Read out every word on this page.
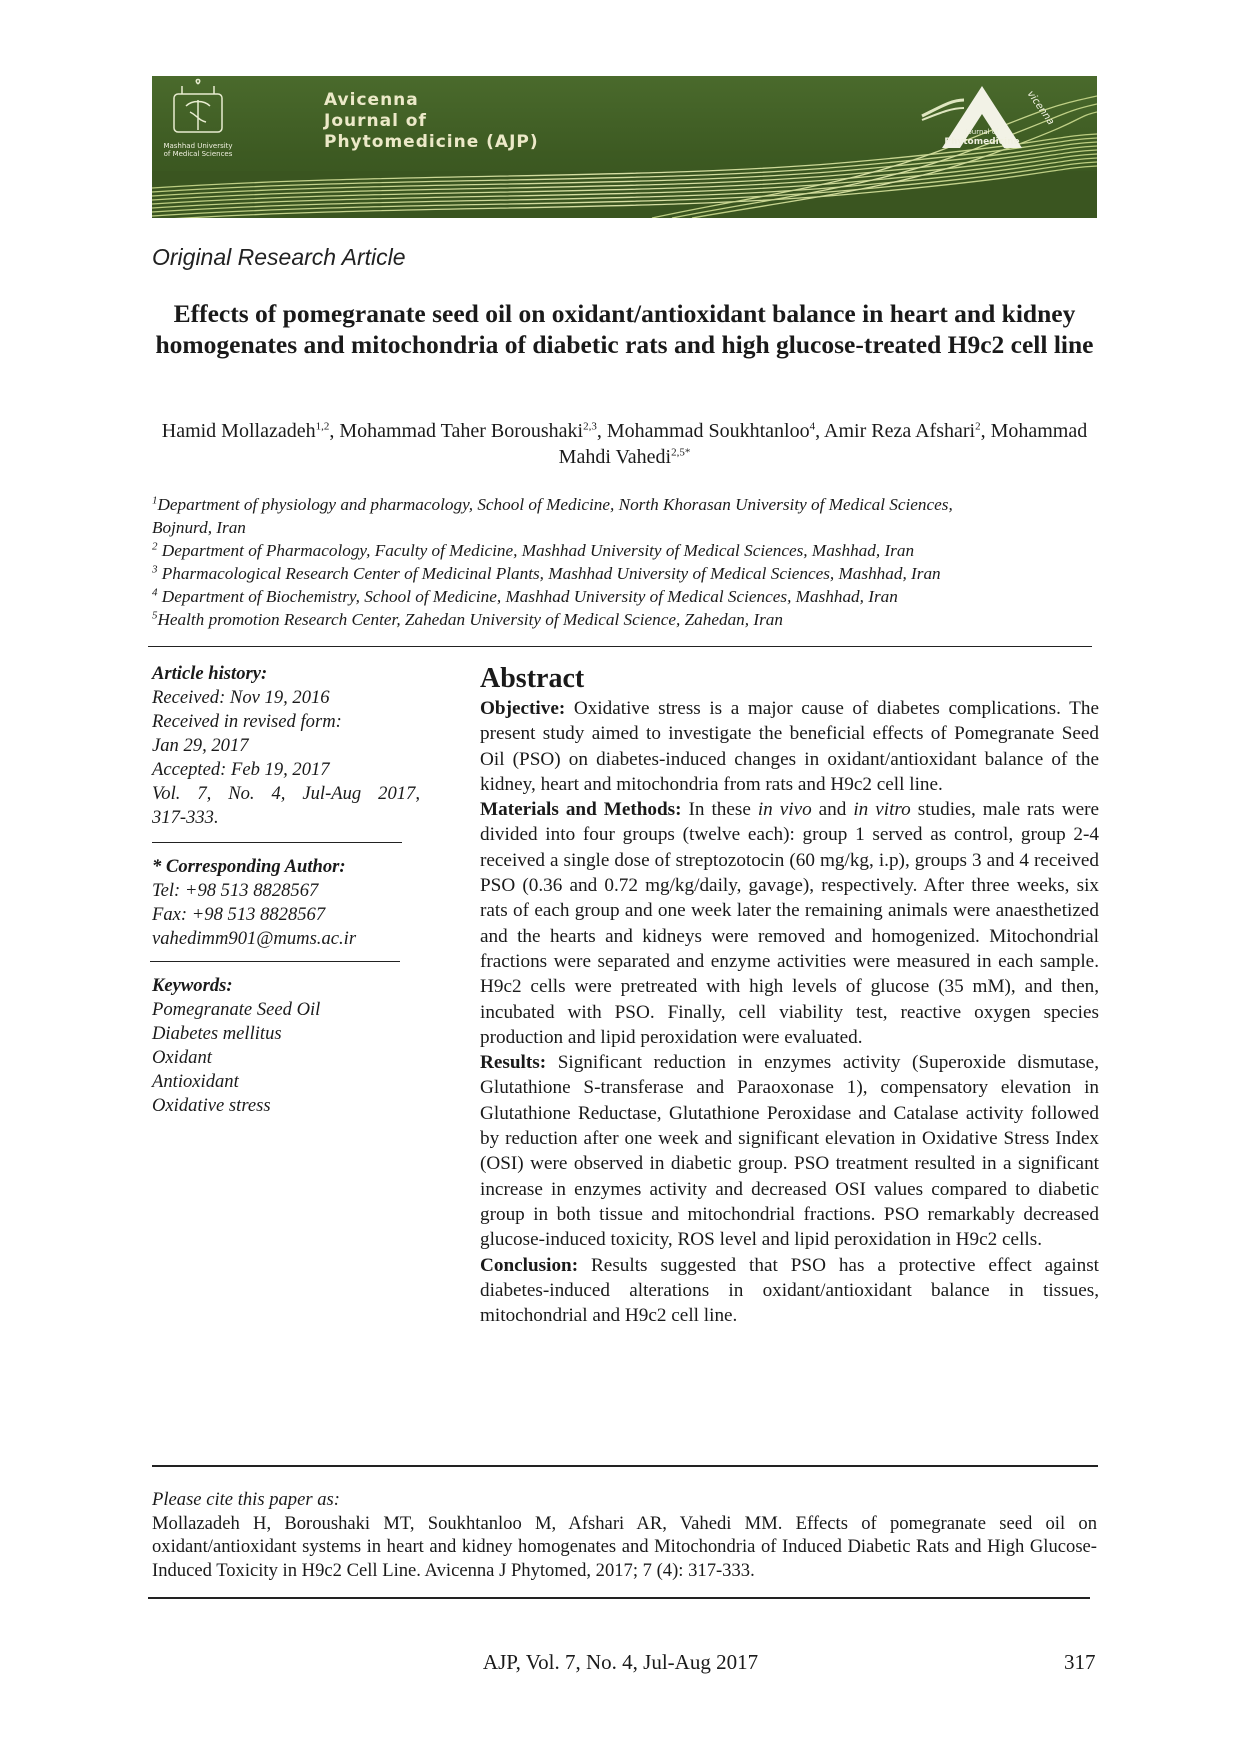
Mashhad University of Medical Sciences
Avicenna
Journal of
Phytomedicine (AJP)
vicenna
Journal of
Phytomedicine
Original Research Article
Effects of pomegranate seed oil on oxidant/antioxidant balance in heart and kidney homogenates and mitochondria of diabetic rats and high glucose-treated H9c2 cell line
Hamid Mollazadeh$^{1,2}$, Mohammad Taher Boroushaki$^{2,3}$, Mohammad Soukhtanloo$^4$, Amir Reza Afshari$^2$, Mohammad Mahdi Vahedi$^{2,5*}$
$^1$Department of physiology and pharmacology, School of Medicine, North Khorasan University of Medical Sciences,
Bojnurd, Iran
$^2$ Department of Pharmacology, Faculty of Medicine, Mashhad University of Medical Sciences, Mashhad, Iran
$^3$ Pharmacological Research Center of Medicinal Plants, Mashhad University of Medical Sciences, Mashhad, Iran
$^4$ Department of Biochemistry, School of Medicine, Mashhad University of Medical Sciences, Mashhad, Iran
$^5$Health promotion Research Center, Zahedan University of Medical Science, Zahedan, Iran
Article history:
Received: Nov 19, 2016
Received in revised form:
Jan 29, 2017
Accepted: Feb 19, 2017
Vol. 7, No. 4, Jul-Aug 2017,
317-333.
* Corresponding Author:
Tel: +98 513 8828567
Fax: +98 513 8828567
vahedimm901@mums.ac.ir
Keywords:
Pomegranate Seed Oil
Diabetes mellitus
Oxidant
Antioxidant
Oxidative stress
Abstract

Objective: Oxidative stress is a major cause of diabetes complications. The present study aimed to investigate the beneficial effects of Pomegranate Seed Oil (PSO) on diabetes-induced changes in oxidant/antioxidant balance of the kidney, heart and mitochondria from rats and H9c2 cell line.

Materials and Methods: In these in vivo and in vitro studies, male rats were divided into four groups (twelve each): group 1 served as control, group 2-4 received a single dose of streptozotocin (60 mg/kg, i.p), groups 3 and 4 received PSO (0.36 and 0.72 mg/kg/daily, gavage), respectively. After three weeks, six rats of each group and one week later the remaining animals were anaesthetized and the hearts and kidneys were removed and homogenized. Mitochondrial fractions were separated and enzyme activities were measured in each sample. H9c2 cells were pretreated with high levels of glucose (35 mM), and then, incubated with PSO. Finally, cell viability test, reactive oxygen species production and lipid peroxidation were evaluated.

Results: Significant reduction in enzymes activity (Superoxide dismutase, Glutathione S-transferase and Paraoxonase 1), compensatory elevation in Glutathione Reductase, Glutathione Peroxidase and Catalase activity followed by reduction after one week and significant elevation in Oxidative Stress Index (OSI) were observed in diabetic group. PSO treatment resulted in a significant increase in enzymes activity and decreased OSI values compared to diabetic group in both tissue and mitochondrial fractions. PSO remarkably decreased glucose-induced toxicity, ROS level and lipid peroxidation in H9c2 cells.

Conclusion: Results suggested that PSO has a protective effect against diabetes-induced alterations in oxidant/antioxidant balance in tissues, mitochondrial and H9c2 cell line.

Please cite this paper as:
Mollazadeh H, Boroushaki MT, Soukhtanloo M, Afshari AR, Vahedi MM. Effects of pomegranate seed oil on oxidant/antioxidant systems in heart and kidney homogenates and Mitochondria of Induced Diabetic Rats and High Glucose-Induced Toxicity in H9c2 Cell Line. Avicenna J Phytomed, 2017; 7 (4): 317-333.
AJP, Vol. 7, No. 4, Jul-Aug 2017	317
